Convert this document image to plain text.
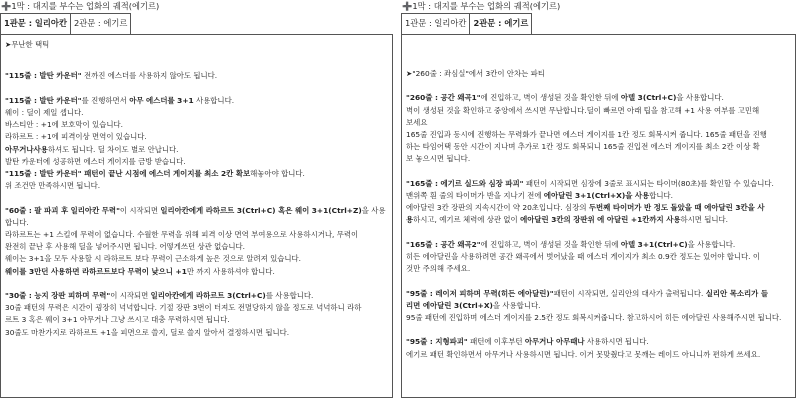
➕1막 : 대지를 부수는 업화의 궤적(에기르)
1관문 : 일리아칸 2관문 : 에기르

➤무난한 택틱

"115줄 : 발탄 카운터" 전까진 에스더를 사용하지 않아도 됩니다.

"115줄 : 발탄 카운터"를 진행하면서 아무 에스더를 3+1 사용합니다.

웨이 : 딜이 제일 셉니다.

바스티안 : +1에 보호막이 있습니다.

라하르트 : +1에 피격이상 면역이 있습니다.

아무거나사용하셔도 됩니다. 딜 차이도 별로 안납니다.

발탄 카운터에 성공하면 에스더 게이지를 금방 받습니다.

"115줄 : 발탄 카운터" 패턴이 끝난 시점에 에스더 게이지를 최소 2칸 확보해놓아야 합니다.

위 조건만 만족하시면 됩니다.

"60줄 : 팔 파괴 후 일리아칸 무력"이 시작되면 일리아칸에게 라하르트 3(Ctrl+C) 혹은 웨이 3+1(Ctrl+Z)을 사용

합니다.

라하르트는 +1 스킬에 무력이 없습니다. 수월한 무력을 위해 피격 이상 면역 부여용으로 사용하시거나, 무력이

완전히 끝난 후 사용해 딜을 넣어주시면 됩니다. 어떻게쓰던 상관 없습니다.

웨이는 3+1을 모두 사용할 시 라하르트 보다 무력이 근소하게 높은 것으로 알려져 있습니다.

웨이를 3만던 사용하면 라하르트보다 무력이 낮으니 +1만 까지 사용하셔야 합니다.

"30줄 : 능지 장판 피하며 무력"이 시작되면 일리아칸에게 라하르트 3(Ctrl+C)를 사용합니다.

30줄 패턴의 무력은 시간이 굉장히 넉넉합니다. 기절 장판 3번이 터져도 전멸당하지 않을 정도로 넉넉하니 라하

르트 3 혹은 웨이 3+1 아무거나 그냥 쓰시고 대충 무력하시면 됩니다.

30줄도 마찬가지로 라하르트 +1을 피면으로 쓸지, 딜로 쓸지 알아서 결정하시면 됩니다.

➕1막 : 대지를 부수는 업화의 궤적(에기르)
1관문 : 일리아칸 2관문 : 에기르

➤"260줄 : 좌심실"에서 3칸이 안차는 파티

"260줄 : 공간 왜곡1"에 진입하고, 벽이 생성된 것을 확인한 뒤에 아델 3(Ctrl+C)을 사용합니다.

벽이 생성된 것을 확인하고 중앙에서 쓰시면 무난합니다.딜이 빠르면 아래 팁을 참고해 +1 사용 여부를 고민해

보세요

165줄 진입과 동시에 진행하는 무력화가 끝나면 에스더 게이지를 1칸 정도 회복시켜 줍니다. 165줄 패턴을 진행

하는 타임어택 동안 시간이 지나며 추가로 1칸 정도 회복되니 165줄 진입전 에스더 게이지를 최소 2칸 이상 확

보 놓으시면 됩니다.

"165줄 : 에기르 실드와 심장 파괴" 패턴이 시작되면 심장에 3줄로 표시되는 타이머(80초)를 확인할 수 있습니다.

맨위쪽 흰 줄의 타이머가 반을 지나기 전에 에아달린 3+1(Ctrl+X)을 사용합니다.

에아달린 3칸 장판의 지속시간이 약 20초입니다. 심장의 두번째 타이머가 반 정도 돌았을 때 에아달린 3칸을 사

용하시고, 예기르 체력에 상관 없이 에아달린 3칸의 장판위 에 아달린 +1칸까지 사용하시면 됩니다.

"165줄 : 공간 왜곡2"에 진입하고, 벽이 생성된 것을 확인한 뒤에 아델 3+1(Ctrl+C)을 사용합니다.

히든 에아달린을 사용하려면 공간 왜곡에서 벗어났을 때 에스더 게이지가 최소 0.9칸 정도는 있어야 합니다. 이

것만 주의해 주세요.

"95줄 : 레이저 피하며 무력(히든 에아달린)"패턴이 시작되면, 실리안의 대사가 출력됩니다. 실리안 목소리가 들

리면 에아달린 3(Ctrl+X)을 사용합니다.

95줄 패턴에 진입하며 에스더 게이지를 2.5칸 정도 회복시켜줍니다. 참고하시어 히든 에아달린 사용해주시면 됩니다.

"95줄 : 지형파괴" 패턴에 이후부턴 아무거나 아무때나 사용하시면 됩니다.

에기르 패턴 확인하면서 아무거나 사용하시면 됩니다. 이거 못맞췄다고 못깨는 레이드 아니니까 편하게 쓰세요.
